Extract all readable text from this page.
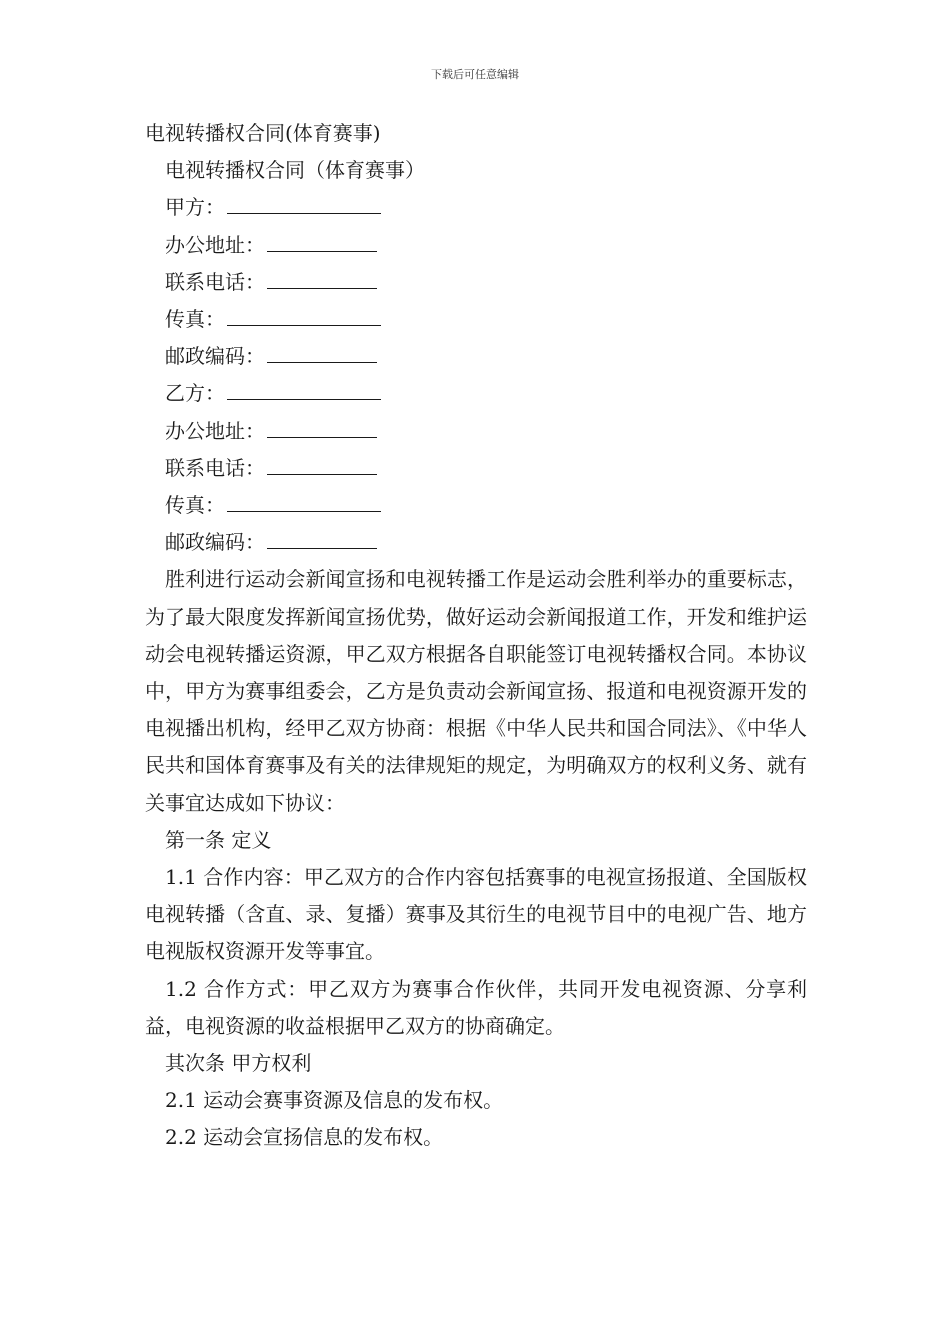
下载后可任意编辑
电视转播权合同(体育赛事)

电视转播权合同（体育赛事）

甲方：

办公地址：

联系电话：

传真：

邮政编码：

乙方：

办公地址：

联系电话：

传真：

邮政编码：

胜利进行运动会新闻宣扬和电视转播工作是运动会胜利举办的重要标志，为了最大限度发挥新闻宣扬优势，做好运动会新闻报道工作，开发和维护运动会电视转播运资源，甲乙双方根据各自职能签订电视转播权合同。本协议中，甲方为赛事组委会，乙方是负责动会新闻宣扬、报道和电视资源开发的电视播出机构，经甲乙双方协商：根据《中华人民共和国合同法》、《中华人民共和国体育赛事及有关的法律规矩的规定，为明确双方的权利义务、就有关事宜达成如下协议：

第一条 定义

1.1 合作内容：甲乙双方的合作内容包括赛事的电视宣扬报道、全国版权电视转播（含直、录、复播）赛事及其衍生的电视节目中的电视广告、地方电视版权资源开发等事宜。

1.2 合作方式：甲乙双方为赛事合作伙伴，共同开发电视资源、分享利益，电视资源的收益根据甲乙双方的协商确定。

其次条 甲方权利

2.1 运动会赛事资源及信息的发布权。

2.2 运动会宣扬信息的发布权。
